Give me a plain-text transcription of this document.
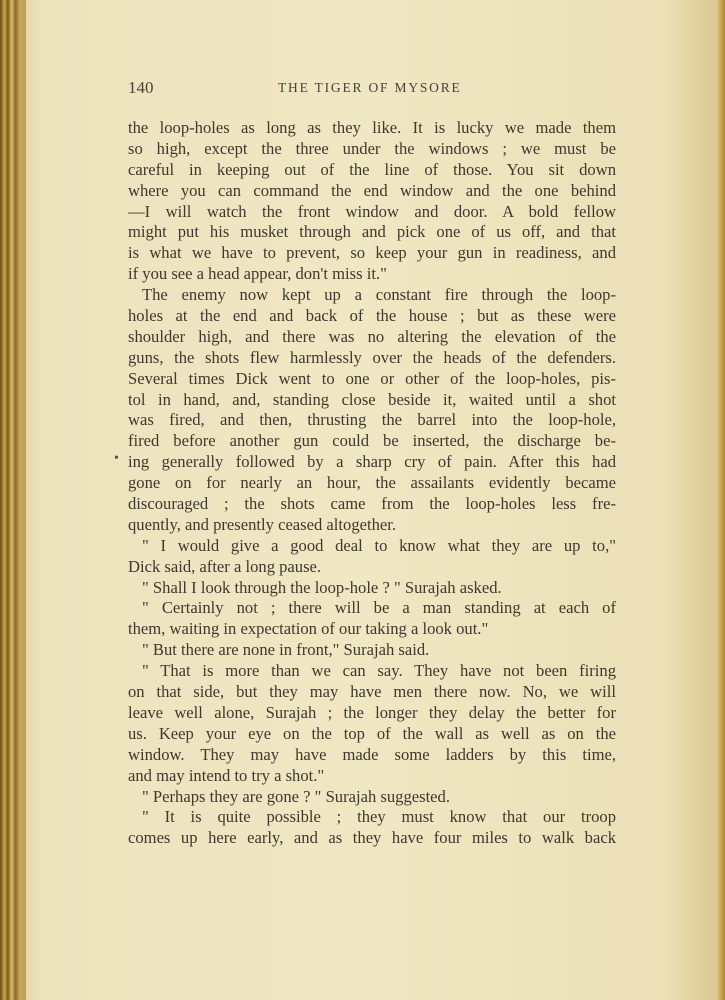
140	THE TIGER OF MYSORE
•
the loop-holes as long as they like. It is lucky we made them
so high, except the three under the windows ; we must be
careful in keeping out of the line of those. You sit down
where you can command the end window and the one behind
—I will watch the front window and door. A bold fellow
might put his musket through and pick one of us off, and that
is what we have to prevent, so keep your gun in readiness, and
if you see a head appear, don't miss it."
The enemy now kept up a constant fire through the loop-
holes at the end and back of the house ; but as these were
shoulder high, and there was no altering the elevation of the
guns, the shots flew harmlessly over the heads of the defenders.
Several times Dick went to one or other of the loop-holes, pis-
tol in hand, and, standing close beside it, waited until a shot
was fired, and then, thrusting the barrel into the loop-hole,
fired before another gun could be inserted, the discharge be-
ing generally followed by a sharp cry of pain. After this had
gone on for nearly an hour, the assailants evidently became
discouraged ; the shots came from the loop-holes less fre-
quently, and presently ceased altogether.
" I would give a good deal to know what they are up to,"
Dick said, after a long pause.
" Shall I look through the loop-hole ? " Surajah asked.
" Certainly not ; there will be a man standing at each of
them, waiting in expectation of our taking a look out."
" But there are none in front," Surajah said.
" That is more than we can say. They have not been firing
on that side, but they may have men there now. No, we will
leave well alone, Surajah ; the longer they delay the better for
us. Keep your eye on the top of the wall as well as on the
window. They may have made some ladders by this time,
and may intend to try a shot."
" Perhaps they are gone ? " Surajah suggested.
" It is quite possible ; they must know that our troop
comes up here early, and as they have four miles to walk back
